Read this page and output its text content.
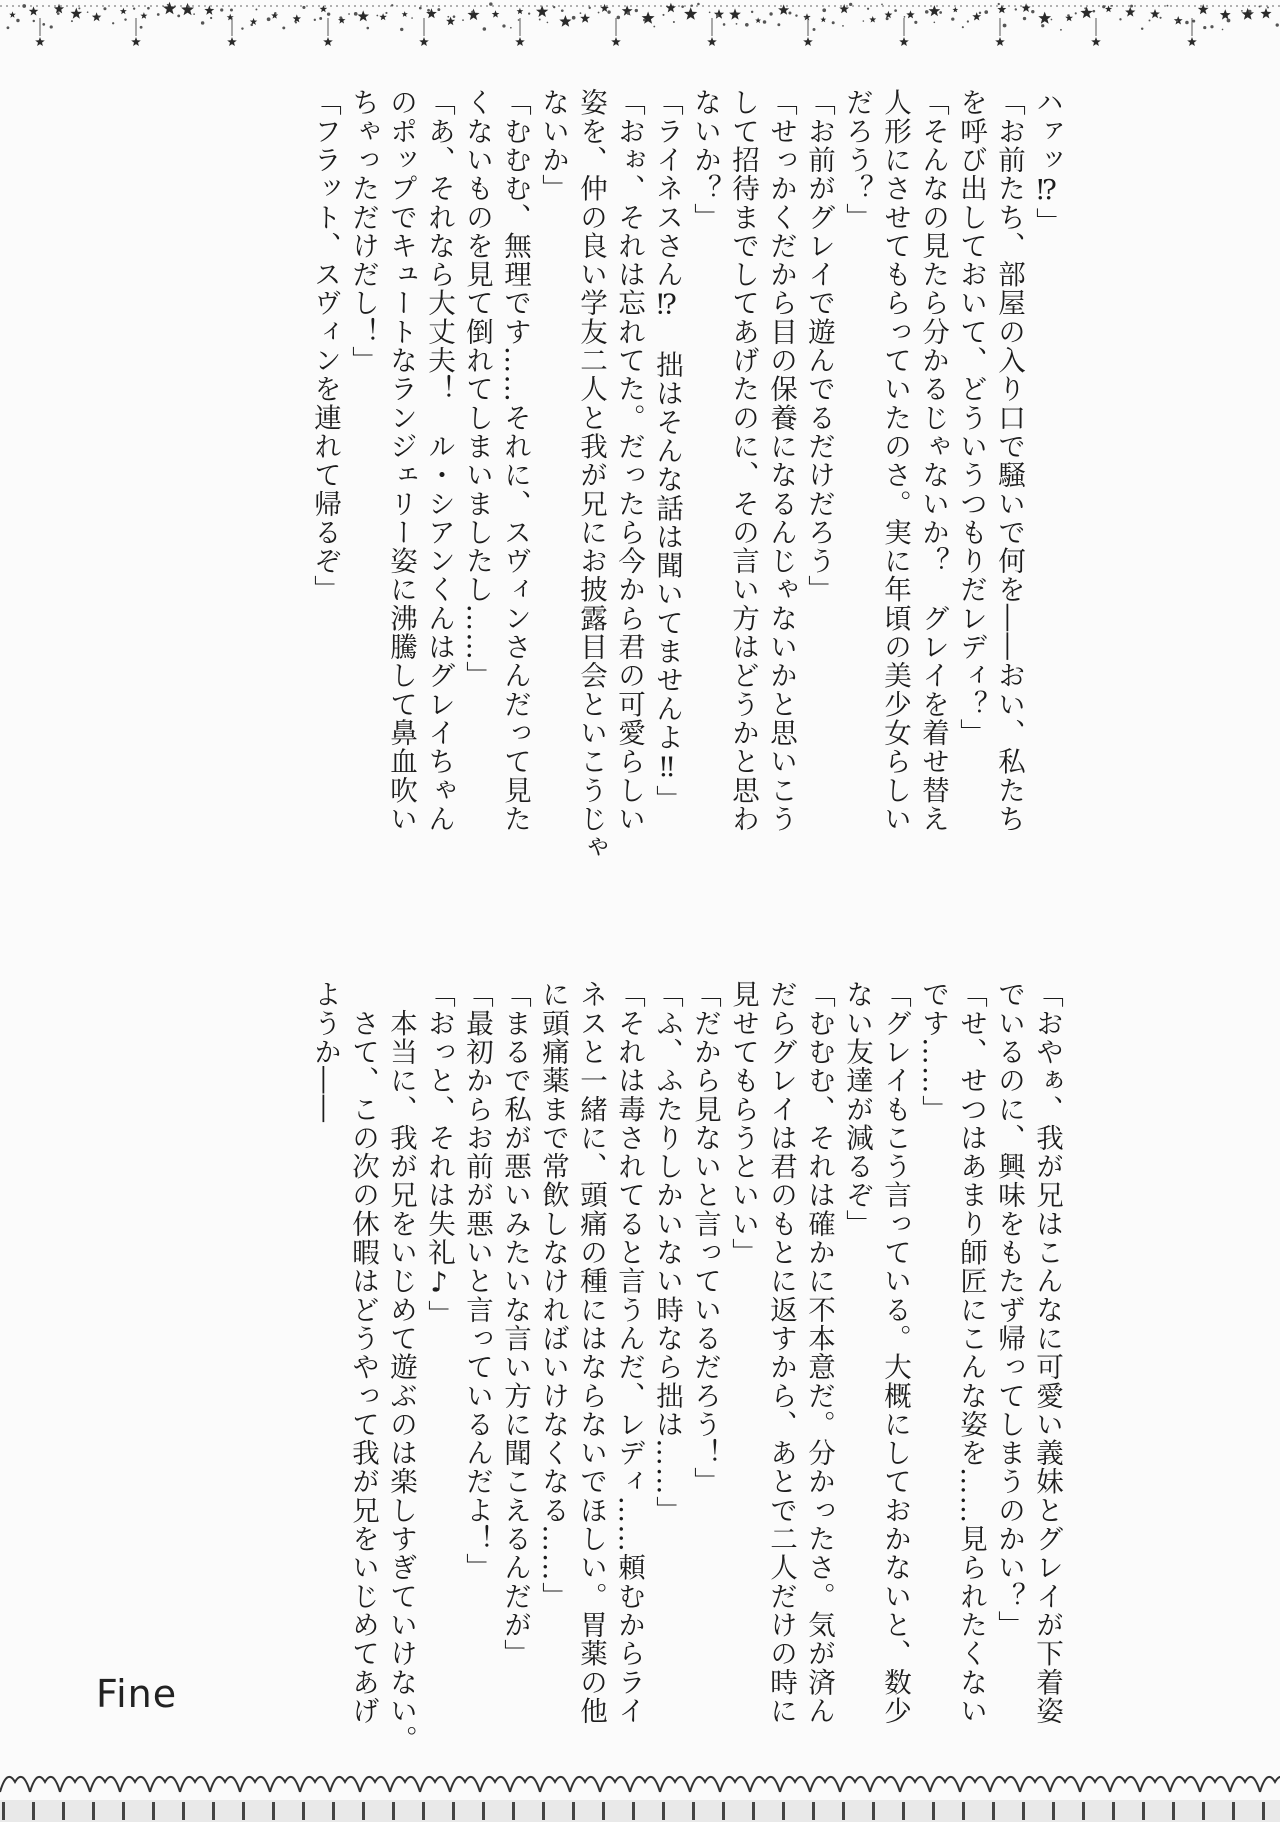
ハァッ⁉」
「お前たち、部屋の入り口で騒いで何を――おい、私たち
を呼び出しておいて、どういうつもりだレディ？」
「そんなの見たら分かるじゃないか？　グレイを着せ替え
人形にさせてもらっていたのさ。実に年頃の美少女らしい
だろう？」
「お前がグレイで遊んでるだけだろう」
「せっかくだから目の保養になるんじゃないかと思いこう
して招待までしてあげたのに、その言い方はどうかと思わ
ないか？」
「ライネスさん⁉　拙はそんな話は聞いてませんよ‼」
「おぉ、それは忘れてた。だったら今から君の可愛らしい
姿を、仲の良い学友二人と我が兄にお披露目会といこうじゃ
ないか」
「むむむ、無理です……それに、スヴィンさんだって見た
くないものを見て倒れてしまいましたし……」
「あ、それなら大丈夫！　ル・シアンくんはグレイちゃん
のポップでキュートなランジェリー姿に沸騰して鼻血吹い
ちゃっただけだし！」
「フラット、スヴィンを連れて帰るぞ」
「おやぁ、我が兄はこんなに可愛い義妹とグレイが下着姿
でいるのに、興味をもたず帰ってしまうのかい？」
「せ、せつはあまり師匠にこんな姿を……見られたくない
です……」
「グレイもこう言っている。大概にしておかないと、数少
ない友達が減るぞ」
「むむむ、それは確かに不本意だ。分かったさ。気が済ん
だらグレイは君のもとに返すから、あとで二人だけの時に
見せてもらうといい」
「だから見ないと言っているだろう！」
「ふ、ふたりしかいない時なら拙は……」
「それは毒されてると言うんだ、レディ……頼むからライ
ネスと一緒に、頭痛の種にはならないでほしい。胃薬の他
に頭痛薬まで常飲しなければいけなくなる……」
「まるで私が悪いみたいな言い方に聞こえるんだが」
「最初からお前が悪いと言っているんだよ！」
「おっと、それは失礼♪」
　本当に、我が兄をいじめて遊ぶのは楽しすぎていけない。
　さて、この次の休暇はどうやって我が兄をいじめてあげ
ようか――
Fine
